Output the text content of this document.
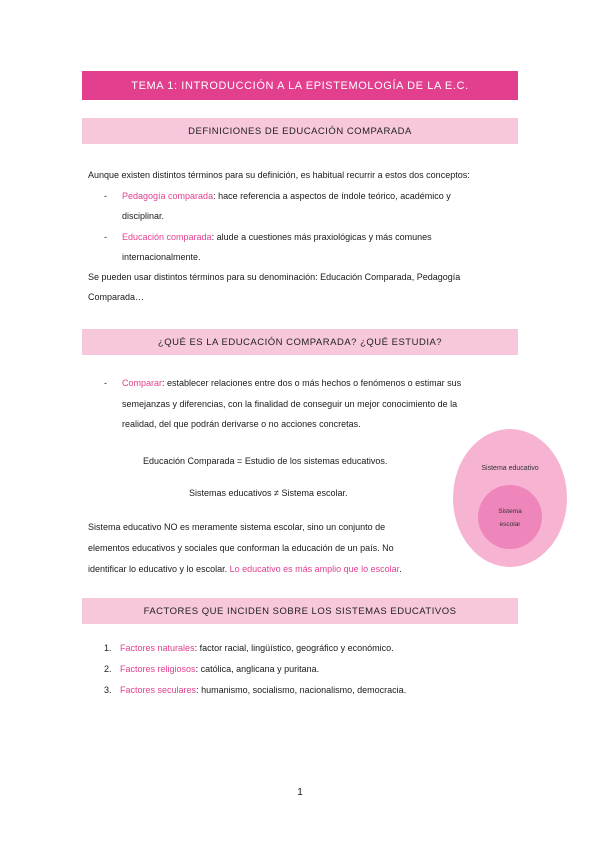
TEMA 1: INTRODUCCIÓN A LA EPISTEMOLOGÍA DE LA E.C.
DEFINICIONES DE EDUCACIÓN COMPARADA
Aunque existen distintos términos para su definición, es habitual recurrir a estos dos conceptos:
- Pedagogía comparada: hace referencia a aspectos de índole teórico, académico y
disciplinar.
- Educación comparada: alude a cuestiones más praxiológicas y más comunes
internacionalmente.
Se pueden usar distintos términos para su denominación: Educación Comparada, Pedagogía
Comparada…
¿QUÉ ES LA EDUCACIÓN COMPARADA? ¿QUÉ ESTUDIA?
- Comparar: establecer relaciones entre dos o más hechos o fenómenos o estimar sus
semejanzas y diferencias, con la finalidad de conseguir un mejor conocimiento de la
realidad, del que podrán derivarse o no acciones concretas.
Educación Comparada = Estudio de los sistemas educativos.
Sistemas educativos ≠ Sistema escolar.
Sistema educativo NO es meramente sistema escolar, sino un conjunto de
elementos educativos y sociales que conforman la educación de un país. No
identificar lo educativo y lo escolar. Lo educativo es más amplio que lo escolar.
Sistema educativo
Sistema
escolar
FACTORES QUE INCIDEN SOBRE LOS SISTEMAS EDUCATIVOS
1. Factores naturales: factor racial, lingüístico, geográfico y económico.
2. Factores religiosos: católica, anglicana y puritana.
3. Factores seculares: humanismo, socialismo, nacionalismo, democracia.
1
